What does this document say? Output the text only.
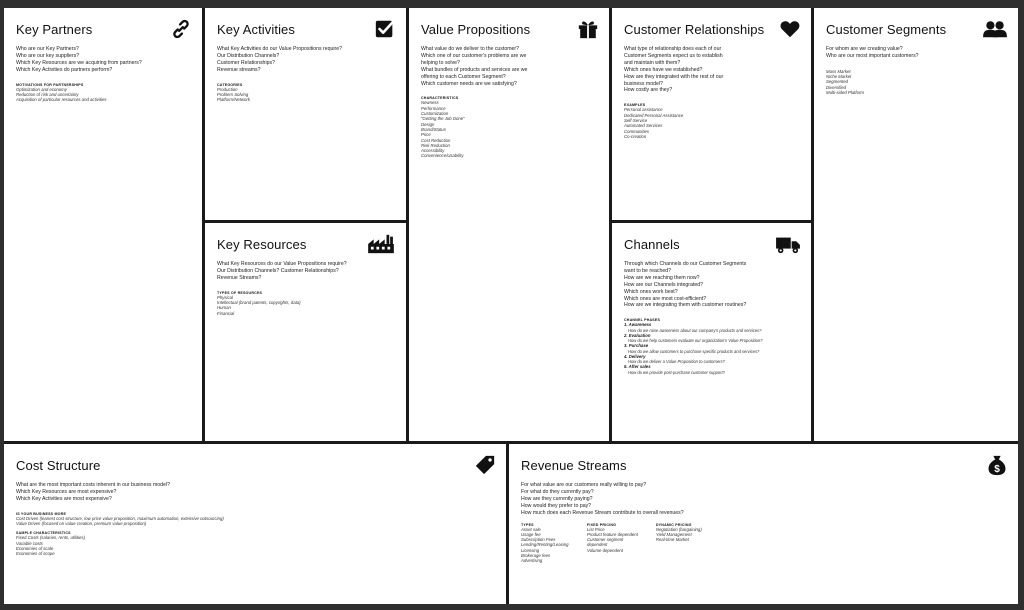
Key Partners
Who are our Key Partners?
Who are our key suppliers?
Which Key Resources are we acquiring from partners?
Which Key Activities do partners perform?
MOTIVATIONS FOR PARTNERSHIPS
Optimization and economy
Reduction of risk and uncertainty
Acquisition of particular resources and activities
Key Activities
What Key Activities do our Value Propositions require?
Our Distribution Channels?
Customer Relationships?
Revenue streams?
CATEGORIES
Production
Problem Solving
Platform/Network
Key Resources
What Key Resources do our Value Propositions require?
Our Distribution Channels? Customer Relationships?
Revenue Streams?
TYPES OF RESOURCES
Physical
Intellectual (brand patents, copyrights, data)
Human
Financial
Value Propositions
What value do we deliver to the customer?
Which one of our customer's problems are we
helping to solve?
What bundles of products and services are we
offering to each Customer Segment?
Which customer needs are we satisfying?
CHARACTERISTICS
Newness
Performance
Customization
"Getting the Job Done"
Design
Brand/Status
Price
Cost Reduction
Risk Reduction
Accessibility
Convenience/Usability
Customer Relationships
What type of relationship does each of our
Customer Segments expect us to establish
and maintain with them?
Which ones have we established?
How are they integrated with the rest of our
business model?
How costly are they?
EXAMPLES
Personal assistance
Dedicated Personal Assistance
Self-Service
Automated Services
Communities
Co-creation
Channels
Through which Channels do our Customer Segments
want to be reached?
How are we reaching them now?
How are our Channels integrated?
Which ones work best?
Which ones are most cost-efficient?
How are we integrating them with customer routines?
CHANNEL PHASES
1. Awareness
How do we raise awareness about our company's products and services?
2. Evaluation
How do we help customers evaluate our organization's Value Proposition?
3. Purchase
How do we allow customers to purchase specific products and services?
4. Delivery
How do we deliver a Value Proposition to customers?
5. After sales
How do we provide post-purchase customer support?
Customer Segments
For whom are we creating value?
Who are our most important customers?
Mass Market
Niche Market
Segmented
Diversified
Multi-sided Platform
Cost Structure
What are the most important costs inherent in our business model?
Which Key Resources are most expensive?
Which Key Activities are most expensive?
IS YOUR BUSINESS MORE
Cost Driven (leanest cost structure, low price value proposition, maximum automation, extensive outsourcing)
Value Driven (focused on value creation, premium value proposition)
SAMPLE CHARACTERISTICS
Fixed Costs (salaries, rents, utilities)
Variable costs
Economies of scale
Economies of scope
Revenue Streams	$
For what value are our customers really willing to pay?
For what do they currently pay?
How are they currently paying?
How would they prefer to pay?
How much does each Revenue Stream contribute to overall revenues?
TYPES
Asset sale
Usage fee
Subscription Fees
Lending/Renting/Leasing
Licensing
Brokerage fees
Advertising
FIXED PRICING
List Price
Product feature dependent
Customer segment
dependent
Volume dependent
DYNAMIC PRICING
Negotiation (bargaining)
Yield Management
Real-time-Market
